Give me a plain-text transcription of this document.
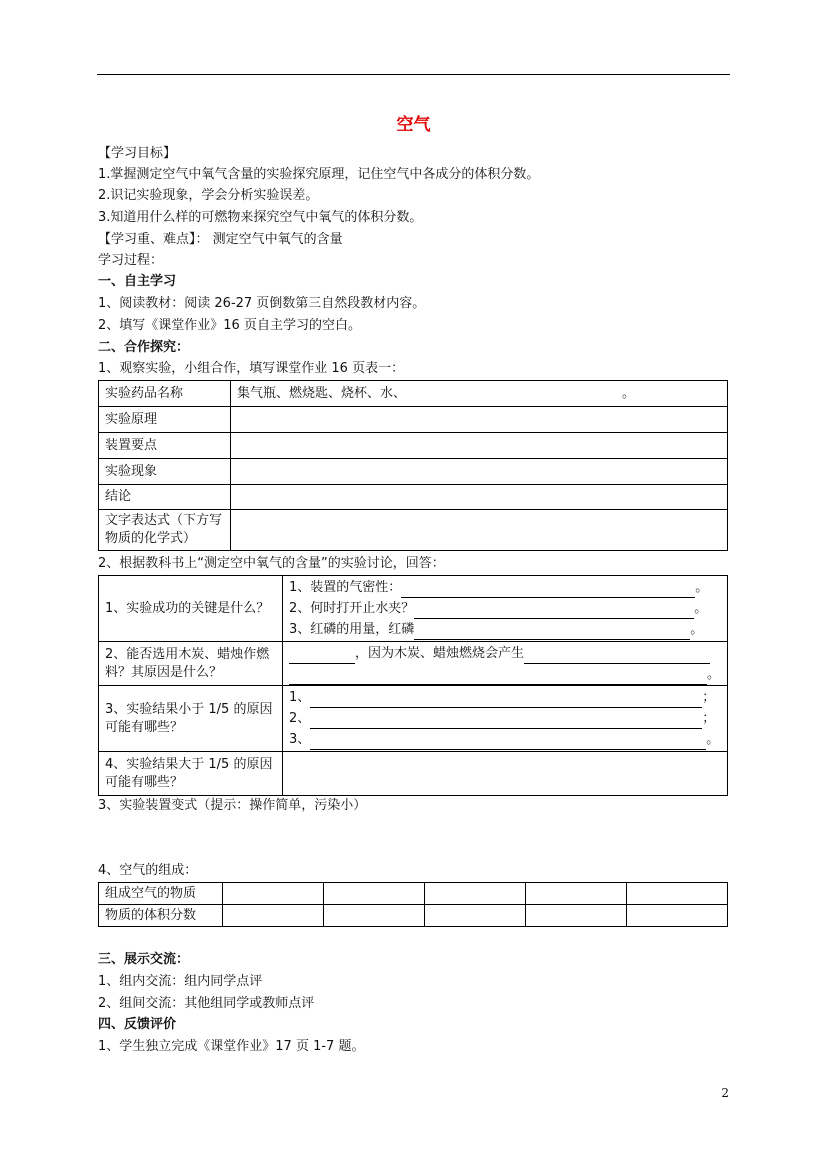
空气
【学习目标】
1.掌握测定空气中氧气含量的实验探究原理，记住空气中各成分的体积分数。
2.识记实验现象，学会分析实验误差。
3.知道用什么样的可燃物来探究空气中氧气的体积分数。
【学习重、难点】： 测定空气中氧气的含量
学习过程：
一、自主学习
1、阅读教材：阅读 26-27 页倒数第三自然段教材内容。
2、填写《课堂作业》16 页自主学习的空白。
二、合作探究：
1、观察实验，小组合作，填写课堂作业 16 页表一：
实验药品名称	集气瓶、燃烧匙、烧杯、水、 。
实验原理	
装置要点	
实验现象	
结论	
文字表达式（下方写物质的化学式）	
2、根据教科书上“测定空中氧气的含量”的实验讨论，回答：
1、实验成功的关键是什么？	1、装置的气密性： 。
2、何时打开止水夹？ 。
3、红磷的用量，红磷 。

2、能否选用木炭、蜡烛作燃料？其原因是什么？	，因为木炭、蜡烛燃烧会产生
。

3、实验结果小于 1/5 的原因可能有哪些？	1、 ；
2、 ；
3、 。

4、实验结果大于 1/5 的原因可能有哪些？	
3、实验装置变式（提示：操作简单，污染小）
4、空气的组成：
组成空气的物质					
物质的体积分数					
三、展示交流：
1、组内交流：组内同学点评
2、组间交流：其他组同学或教师点评
四、反馈评价
1、学生独立完成《课堂作业》17 页 1-7 题。
2
